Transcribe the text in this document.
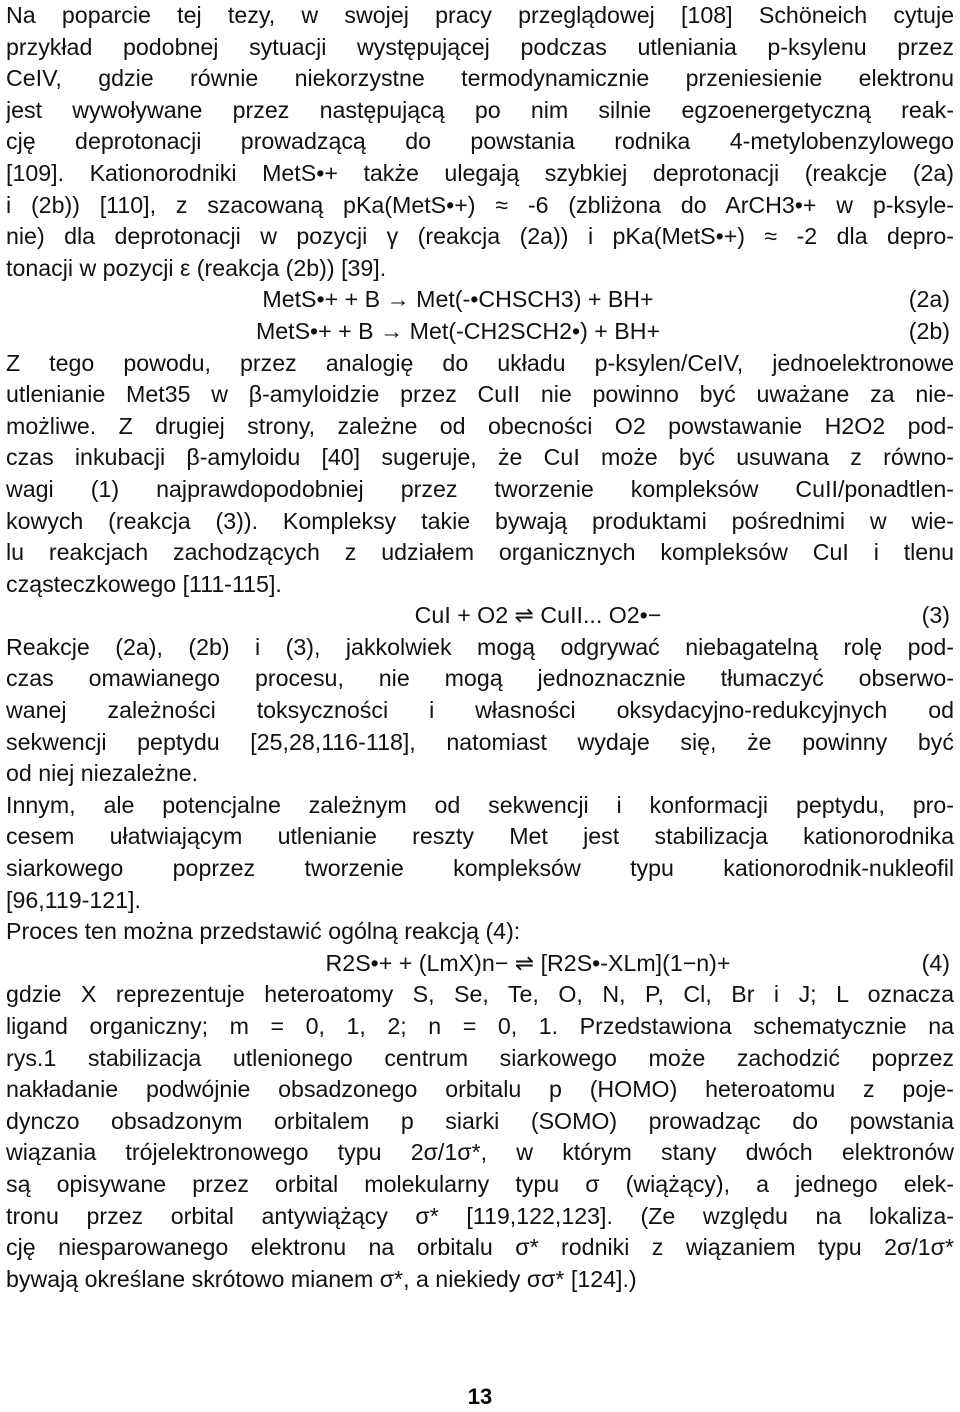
Na poparcie tej tezy, w swojej pracy przeglądowej [108] Schöneich cytuje
przykład podobnej sytuacji występującej podczas utleniania p-ksylenu przez
CeIV, gdzie równie niekorzystne termodynamicznie przeniesienie elektronu
jest wywoływane przez następującą po nim silnie egzoenergetyczną reak-
cję deprotonacji prowadzącą do powstania rodnika 4-metylobenzylowego
[109]. Kationorodniki MetS•+ także ulegają szybkiej deprotonacji (reakcje (2a)
i (2b)) [110], z szacowaną pKa(MetS•+) ≈ -6 (zbliżona do ArCH3•+ w p-ksyle-
nie) dla deprotonacji w pozycji γ (reakcja (2a)) i pKa(MetS•+) ≈ -2 dla depro-
tonacji w pozycji ε (reakcja (2b)) [39].
MetS•+ + B → Met(-•CHSCH3) + BH+	(2a)
MetS•+ + B → Met(-CH2SCH2•) + BH+	(2b)
Z tego powodu, przez analogię do układu p-ksylen/CeIV, jednoelektronowe
utlenianie Met35 w β-amyloidzie przez CuII nie powinno być uważane za nie-
możliwe. Z drugiej strony, zależne od obecności O2 powstawanie H2O2 pod-
czas inkubacji β-amyloidu [40] sugeruje, że CuI może być usuwana z równo-
wagi (1) najprawdopodobniej przez tworzenie kompleksów CuII/ponadtlen-
kowych (reakcja (3)). Kompleksy takie bywają produktami pośrednimi w wie-
lu reakcjach zachodzących z udziałem organicznych kompleksów CuI i tlenu
cząsteczkowego [111-115].
CuI + O2 ⇌ CuII... O2•−	(3)
Reakcje (2a), (2b) i (3), jakkolwiek mogą odgrywać niebagatelną rolę pod-
czas omawianego procesu, nie mogą jednoznacznie tłumaczyć obserwo-
wanej zależności toksyczności i własności oksydacyjno-redukcyjnych od
sekwencji peptydu [25,28,116-118], natomiast wydaje się, że powinny być
od niej niezależne.
Innym, ale potencjalne zależnym od sekwencji i konformacji peptydu, pro-
cesem ułatwiającym utlenianie reszty Met jest stabilizacja kationorodnika
siarkowego poprzez tworzenie kompleksów typu kationorodnik-nukleofil
[96,119-121].
Proces ten można przedstawić ogólną reakcją (4):
R2S•+ + (LmX)n− ⇌ [R2S•-XLm](1−n)+	(4)
gdzie X reprezentuje heteroatomy S, Se, Te, O, N, P, Cl, Br i J; L oznacza
ligand organiczny; m = 0, 1, 2; n = 0, 1. Przedstawiona schematycznie na
rys.1 stabilizacja utlenionego centrum siarkowego może zachodzić poprzez
nakładanie podwójnie obsadzonego orbitalu p (HOMO) heteroatomu z poje-
dynczo obsadzonym orbitalem p siarki (SOMO) prowadząc do powstania
wiązania trójelektronowego typu 2σ/1σ*, w którym stany dwóch elektronów
są opisywane przez orbital molekularny typu σ (wiążący), a jednego elek-
tronu przez orbital antywiążący σ* [119,122,123]. (Ze względu na lokaliza-
cję niesparowanego elektronu na orbitalu σ* rodniki z wiązaniem typu 2σ/1σ*
bywają określane skrótowo mianem σ*, a niekiedy σσ* [124].)
13
